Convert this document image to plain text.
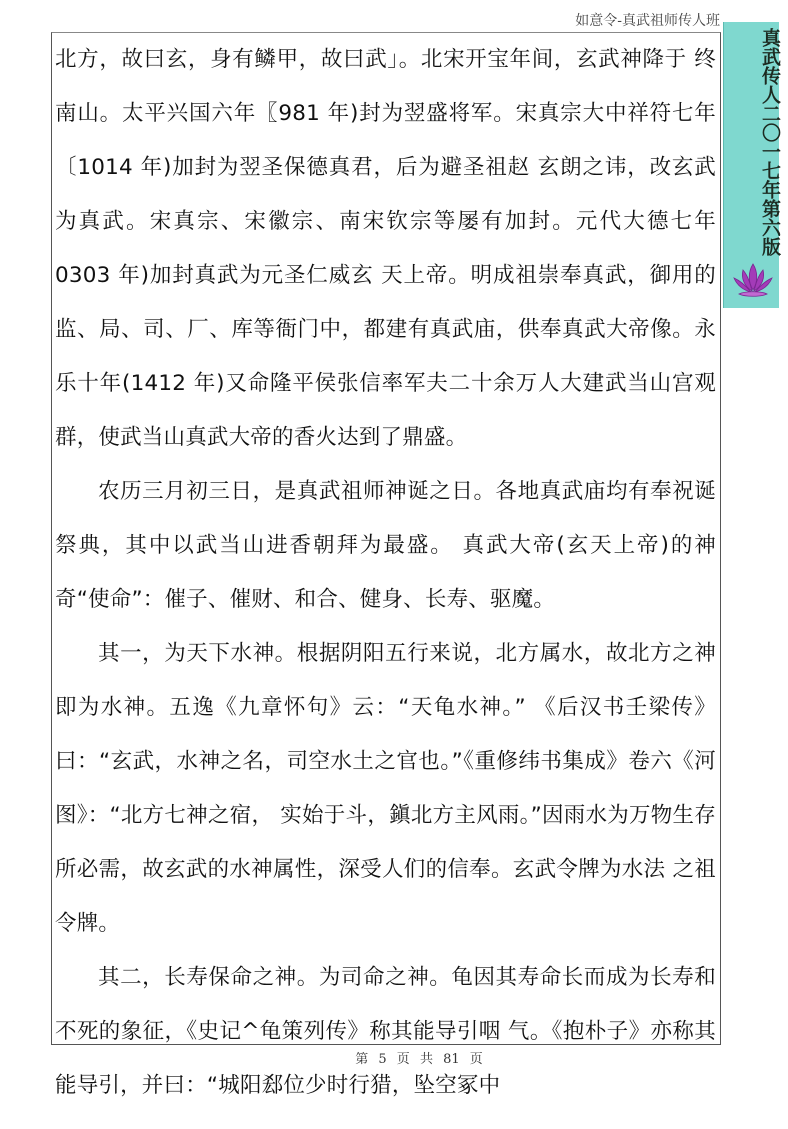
如意令-真武祖师传人班

北方，故曰玄，身有鳞甲，故曰武」。北宋开宝年间，玄武神降于 终南山。太平兴国六年〖981 年)封为翌盛将军。宋真宗大中祥符七年〔1014 年)加封为翌圣保德真君，后为避圣祖赵 玄朗之讳，改玄武为真武。宋真宗、宋徽宗、南宋钦宗等屡有加封。元代大德七年 0303 年)加封真武为元圣仁威玄 天上帝。明成祖崇奉真武，御用的监、局、司、厂、库等衙门中，都建有真武庙，供奉真武大帝像。永乐十年(1412 年)又命隆平侯张信率军夫二十余万人大建武当山宫观群，使武当山真武大帝的香火达到了鼎盛。

农历三月初三日，是真武祖师神诞之日。各地真武庙均有奉祝诞祭典，其中以武当山进香朝拜为最盛。 真武大帝(玄天上帝)的神奇“使命”：催子、催财、和合、健身、长寿、驱魔。

其一，为天下水神。根据阴阳五行来说，北方属水，故北方之神即为水神。五逸《九章怀句》云：“天龟水神。” 《后汉书壬梁传》曰：“玄武，水神之名，司空水土之官也。”《重修纬书集成》卷六《河图》：“北方七神之宿， 实始于斗，鎭北方主风雨。”因雨水为万物生存所必需，故玄武的水神属性，深受人们的信奉。玄武令牌为水法 之祖令牌。

其二，长寿保命之神。为司命之神。龟因其寿命长而成为长寿和不死的象征，《史记^龟策列传》称其能导引咽 气。《抱朴子》亦称其能导引，并曰：“城阳郄位少时行猎，坠空冢中

真武传人二〇一七年第六版
第 5 页 共 81 页
